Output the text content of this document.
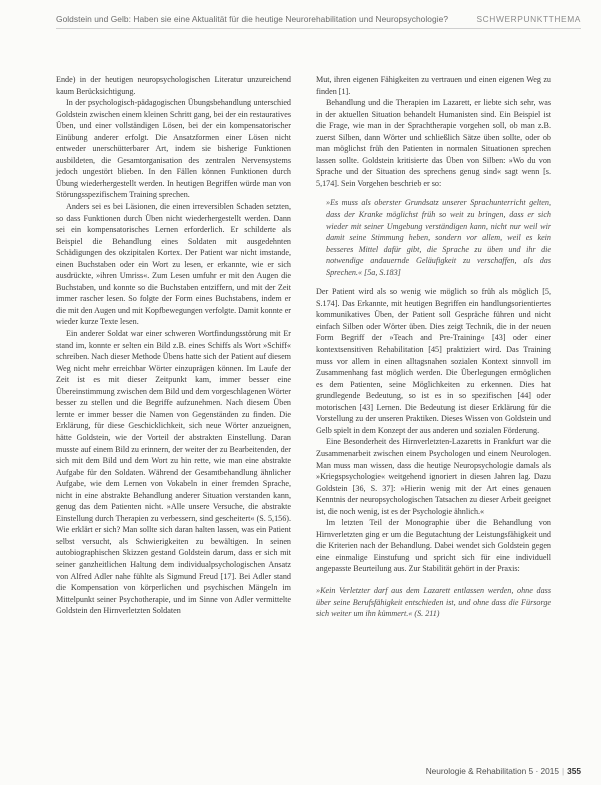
Goldstein und Gelb: Haben sie eine Aktualität für die heutige Neurorehabilitation und Neuropsychologie?	SCHWERPUNKTTHEMA

Ende) in der heutigen neuropsychologischen Literatur unzureichend kaum Berücksichtigung.

In der psychologisch-pädagogischen Übungsbehandlung unterschied Goldstein zwischen einem kleinen Schritt gang, bei der ein restauratives Üben, und einer vollständigen Lösen, bei der ein kompensatorischer Einübung anderer erfolgt. Die Ansatzformen einer Lösen nicht entweder unerschütterbarer Art, indem sie bisherige Funktionen ausbildeten, die Gesamtorganisation des zentralen Nervensystems jedoch ungestört blieben. In den Fällen können Funktionen durch Übung wiederhergestellt werden. In heutigen Begriffen würde man von Störungsspezifischem Training sprechen.

Anders sei es bei Läsionen, die einen irreversiblen Schaden setzten, so dass Funktionen durch Üben nicht wiederhergestellt werden. Dann sei ein kompensatorisches Lernen erforderlich. Er schilderte als Beispiel die Behandlung eines Soldaten mit ausgedehnten Schädigungen des okzipitalen Kortex. Der Patient war nicht imstande, einen Buchstaben oder ein Wort zu lesen, er erkannte, wie er sich ausdrückte, »ihren Umriss«. Zum Lesen umfuhr er mit den Augen die Buchstaben, und konnte so die Buchstaben entziffern, und mit der Zeit immer rascher lesen. So folgte der Form eines Buchstabens, indem er die mit den Augen und mit Kopfbewegungen verfolgte. Damit konnte er wieder kurze Texte lesen.

Ein anderer Soldat war einer schweren Wortfindungsstörung mit Er stand im, konnte er selten ein Bild z.B. eines Schiffs als Wort »Schiff« schreiben. Nach dieser Methode Übens hatte sich der Patient auf diesem Weg nicht mehr erreichbar Wörter einzuprägen können. Im Laufe der Zeit ist es mit dieser Zeitpunkt kam, immer besser eine Übereinstimmung zwischen dem Bild und dem vorgeschlagenen Wörter besser zu stellen und die Begriffe aufzunehmen. Nach diesem Üben lernte er immer besser die Namen von Gegenständen zu finden. Die Erklärung, für diese Geschicklichkeit, sich neue Wörter anzueignen, hätte Goldstein, wie der Vorteil der abstrakten Einstellung. Daran musste auf einem Bild zu erinnern, der weiter der zu Bearbeitenden, der sich mit dem Bild und dem Wort zu hin rette, wie man eine abstrakte Aufgabe für den Soldaten. Während der Gesamtbehandlung ähnlicher Aufgabe, wie dem Lernen von Vokabeln in einer fremden Sprache, nicht in eine abstrakte Behandlung anderer Situation verstanden kann, genug das dem Patienten nicht. »Alle unsere Versuche, die abstrakte Einstellung durch Therapien zu verbessern, sind gescheitert« (S. 5,156). Wie erklärt er sich? Man sollte sich daran halten lassen, was ein Patient selbst versucht, als Schwierigkeiten zu bewältigen. In seinen autobiographischen Skizzen gestand Goldstein darum, dass er sich mit seiner ganzheitlichen Haltung dem individualpsychologischen Ansatz von Alfred Adler nahe fühlte als Sigmund Freud [17]. Bei Adler stand die Kompensation von körperlichen und psychischen Mängeln im Mittelpunkt seiner Psychotherapie, und im Sinne von Adler vermittelte Goldstein den Hirnverletzten Soldaten

Mut, ihren eigenen Fähigkeiten zu vertrauen und einen eigenen Weg zu finden [1].

Behandlung und die Therapien im Lazarett, er liebte sich sehr, was in der aktuellen Situation behandelt Humanisten sind. Ein Beispiel ist die Frage, wie man in der Sprachtherapie vorgehen soll, ob man z.B. zuerst Silben, dann Wörter und schließlich Sätze üben sollte, oder ob man möglichst früh den Patienten in normalen Situationen sprechen lassen sollte. Goldstein kritisierte das Üben von Silben: »Wo du von Sprache und der Situation des sprechens genug sind« sagt wenn [s. 5,174]. Sein Vorgehen beschrieb er so:

»Es muss als oberster Grundsatz unserer Sprachunterricht gelten, dass der Kranke möglichst früh so weit zu bringen, dass er sich wieder mit seiner Umgebung verständigen kann, nicht nur weil wir damit seine Stimmung heben, sondern vor allem, weil es kein besseres Mittel dafür gibt, die Sprache zu üben und ihr die notwendige andauernde Geläufigkeit zu verschaffen, als das Sprechen.« [5a, S.183]

Der Patient wird als so wenig wie möglich so früh als möglich [5, S.174]. Das Erkannte, mit heutigen Begriffen ein handlungsorientiertes kommunikatives Üben, der Patient soll Gespräche führen und nicht einfach Silben oder Wörter üben. Dies zeigt Technik, die in der neuen Form Begriff der »Teach and Pre-Training« [43] oder einer kontextsensitiven Rehabilitation [45] praktiziert wird. Das Training muss vor allem in einen alltagsnahen sozialen Kontext sinnvoll im Zusammenhang fast möglich werden. Die Überlegungen ermöglichen es dem Patienten, seine Möglichkeiten zu erkennen. Dies hat grundlegende Bedeutung, so ist es in so spezifischen [44] oder motorischen [43] Lernen. Die Bedeutung ist dieser Erklärung für die Vorstellung zu der unseren Praktiken. Dieses Wissen von Goldstein und Gelb spielt in dem Konzept der aus anderen und sozialen Förderung.

Eine Besonderheit des Hirnverletzten-Lazaretts in Frankfurt war die Zusammenarbeit zwischen einem Psychologen und einem Neurologen. Man muss man wissen, dass die heutige Neuropsychologie damals als »Kriegspsychologie« weitgehend ignoriert in diesen Jahren lag. Dazu Goldstein [36, S. 37]: »Hierin wenig mit der Art eines genauen Kenntnis der neuropsychologischen Tatsachen zu dieser Arbeit geeignet ist, die noch wenig, ist es der Psychologie ähnlich.«

Im letzten Teil der Monographie über die Behandlung von Hirnverletzten ging er um die Begutachtung der Leistungsfähigkeit und die Kriterien nach der Behandlung. Dabei wendet sich Goldstein gegen eine einmalige Einstufung und spricht sich für eine individuell angepasste Beurteilung aus. Zur Stabilität gehört in der Praxis:

»Kein Verletzter darf aus dem Lazarett entlassen werden, ohne dass über seine Berufsfähigkeit entschieden ist, und ohne dass die Fürsorge sich weiter um ihn kümmert.« (S. 211)

Neurologie & Rehabilitation 5 · 2015 | 355
